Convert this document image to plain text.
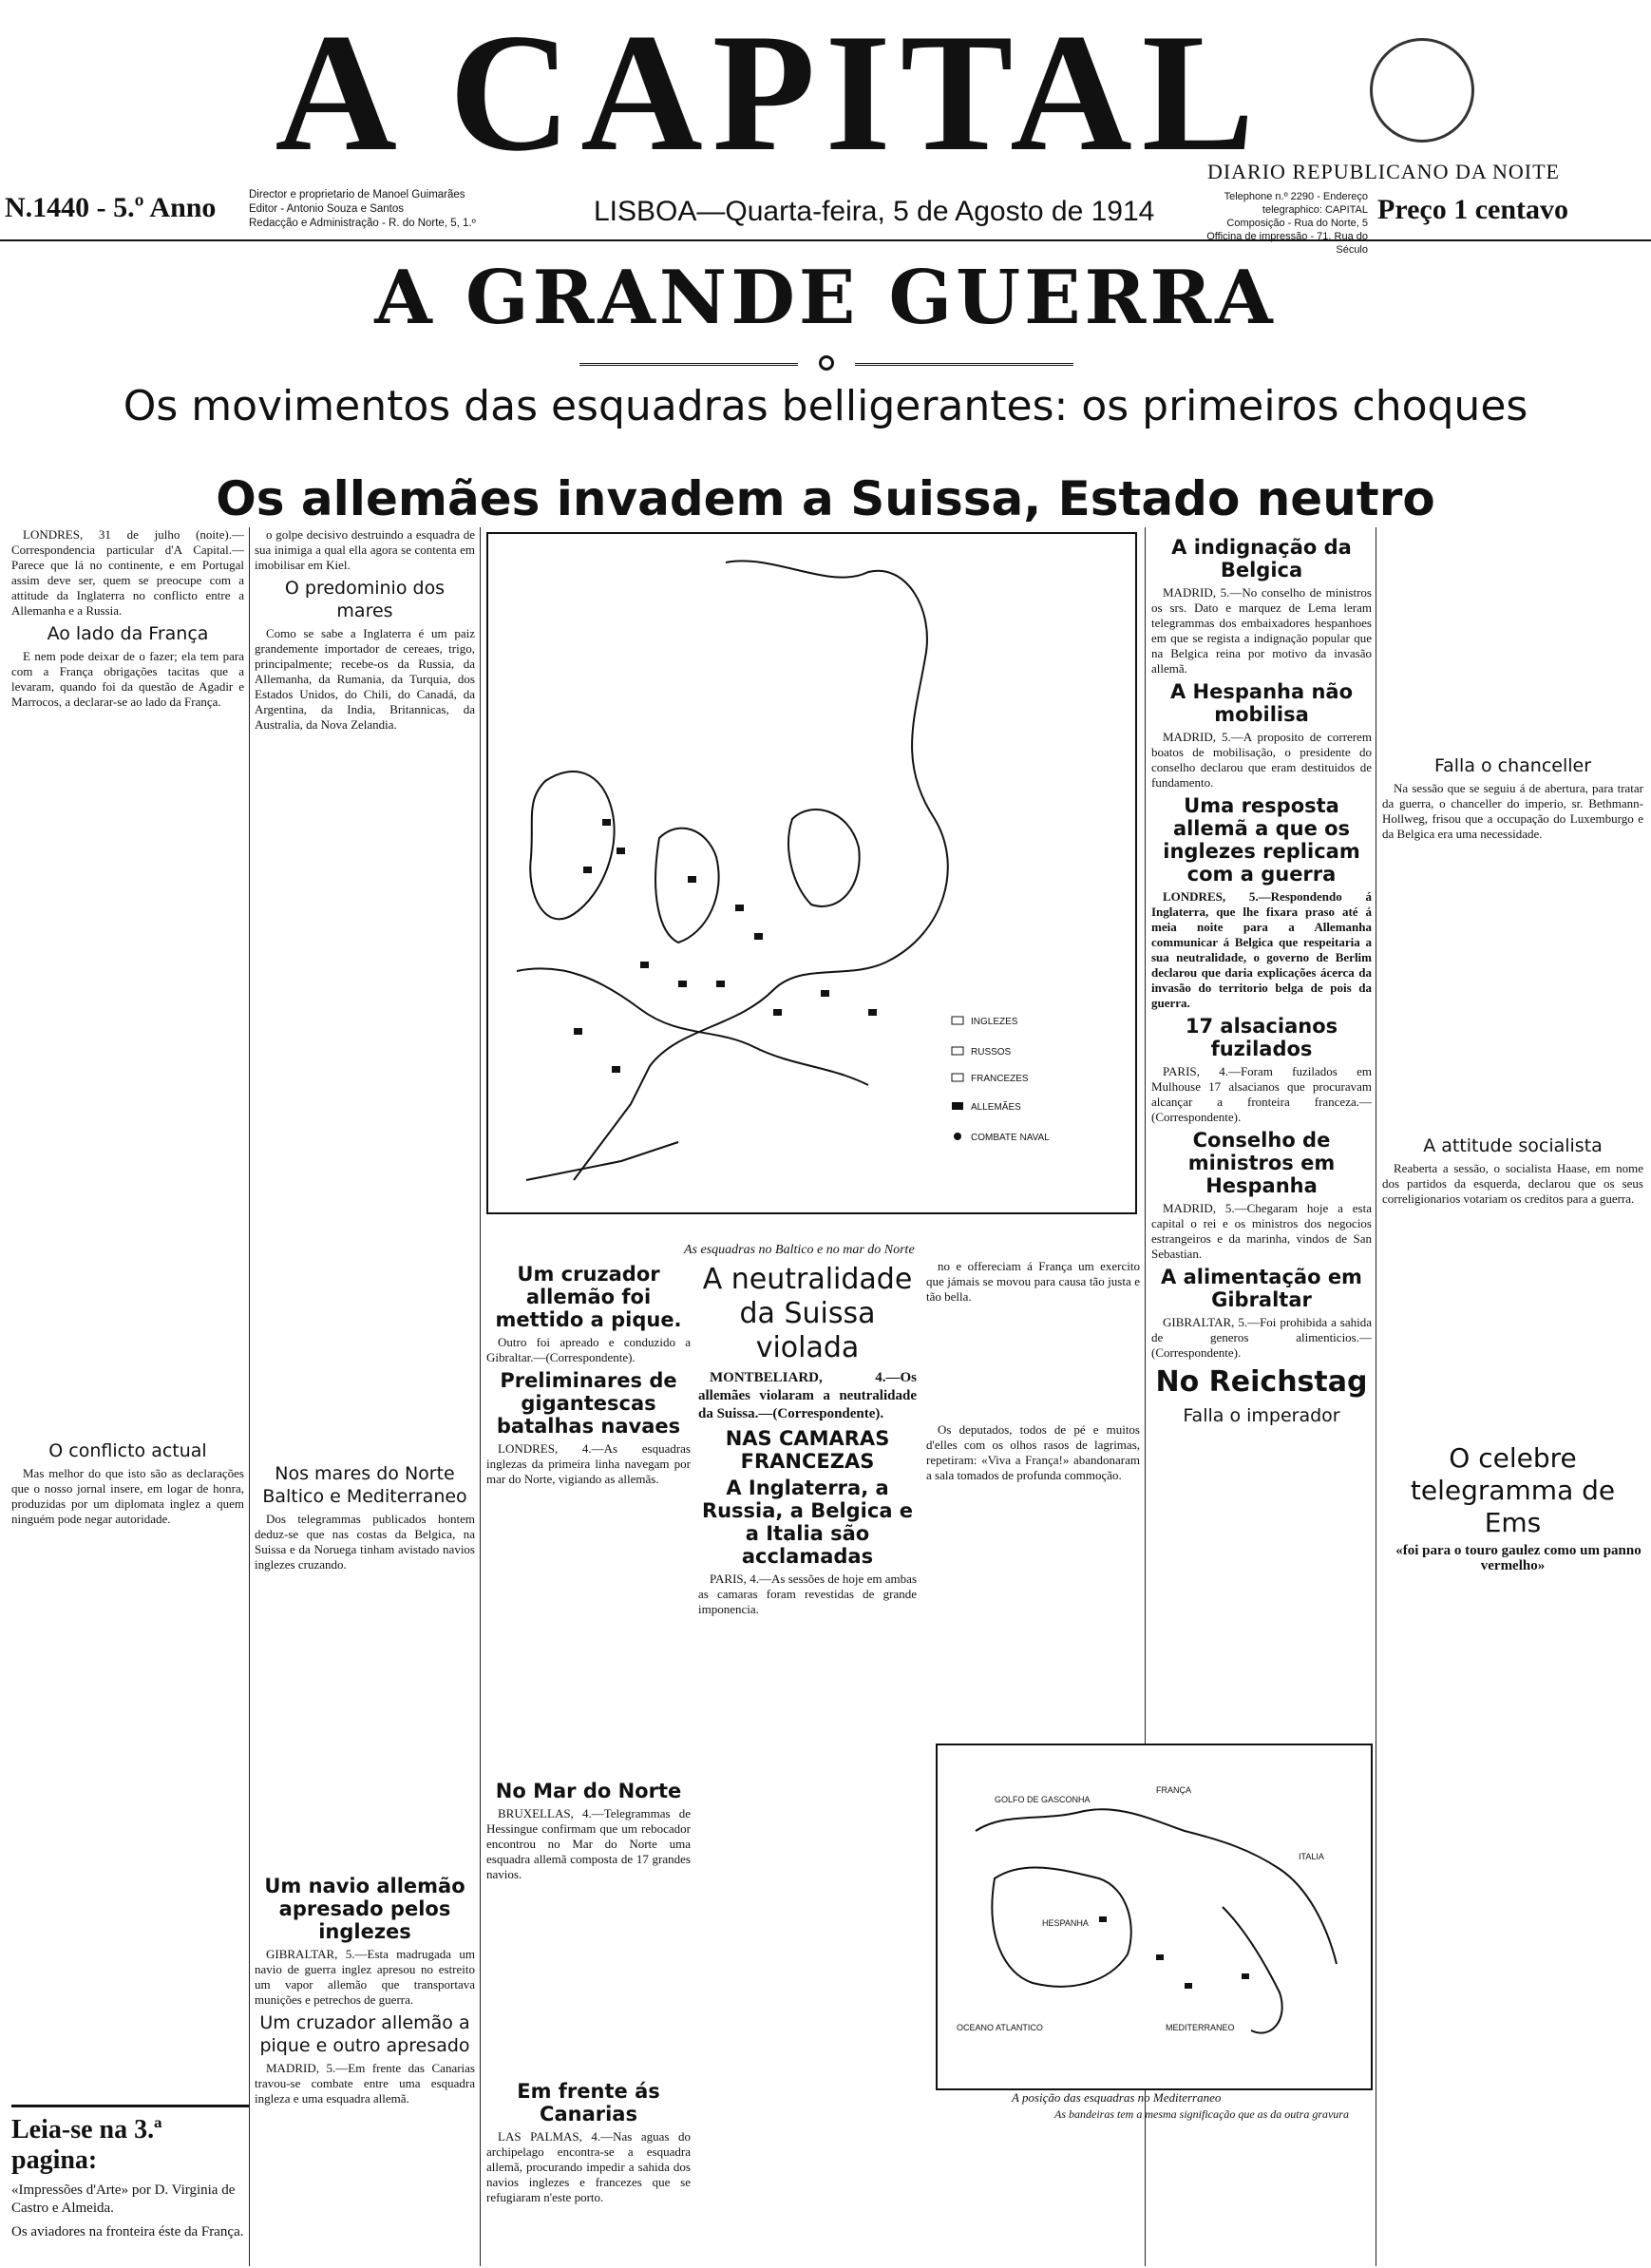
A CAPITAL
DIARIO REPUBLICANO DA NOITE
N.1440 - 5.º Anno	Director e proprietario de Manoel Guimarães
Editor - Antonio Souza e Santos
Redacção e Administração - R. do Norte, 5, 1.º	LISBOA—Quarta-feira, 5 de Agosto de 1914	Telephone n.º 2290 - Endereço telegraphico: CAPITAL
Composição - Rua do Norte, 5
Officina de impressão - 71, Rua do Século
Preço 1 centavo
A GRANDE GUERRA
Os movimentos das esquadras belligerantes: os primeiros choques
Os allemães invadem a Suissa, Estado neutro

LONDRES, 31 de julho (noite).—Correspondencia particular d'A Capital.—Parece que lá no continente, e em Portugal assim deve ser, quem se preocupe com a attitude da Inglaterra no conflicto entre a Allemanha e a Russia.

Ao lado da França

E nem pode deixar de o fazer; ela tem para com a França obrigações tacitas que a levaram, quando foi da questão de Agadir e Marrocos, a declarar-se ao lado da França.

O conflicto actual

Mas melhor do que isto são as declarações que o nosso jornal insere, em logar de honra, produzidas por um diplomata inglez a quem ninguém pode negar autoridade.

o golpe decisivo destruindo a esquadra de sua inimiga a qual ella agora se contenta em imobilisar em Kiel.

O predominio dos mares

Como se sabe a Inglaterra é um paiz grandemente importador de cereaes, trigo, principalmente; recebe-os da Russia, da Allemanha, da Rumania, da Turquia, dos Estados Unidos, do Chili, do Canadá, da Argentina, da India, Britannicas, da Australia, da Nova Zelandia.

Nos mares do Norte Baltico e Mediterraneo

Dos telegrammas publicados hontem deduz-se que nas costas da Belgica, na Suissa e da Noruega tinham avistado navios inglezes cruzando.

Um navio allemão apresado pelos inglezes

GIBRALTAR, 5.—Esta madrugada um navio de guerra inglez apresou no estreito um vapor allemão que transportava munições e petrechos de guerra.

Um cruzador allemão a pique e outro apresado

MADRID, 5.—Em frente das Canarias travou-se combate entre uma esquadra ingleza e uma esquadra allemã.

INGLEZES
RUSSOS
FRANCEZES
ALLEMÃES
COMBATE NAVAL
As esquadras no Baltico e no mar do Norte
Um cruzador allemão foi mettido a pique.

Outro foi apreado e conduzido a Gibraltar.—(Correspondente).

Preliminares de gigantescas batalhas navaes

LONDRES, 4.—As esquadras inglezas da primeira linha navegam por mar do Norte, vigiando as allemãs.

No Mar do Norte

BRUXELLAS, 4.—Telegrammas de Hessingue confirmam que um rebocador encontrou no Mar do Norte uma esquadra allemã composta de 17 grandes navios.

Em frente ás Canarias

LAS PALMAS, 4.—Nas aguas do archipelago encontra-se a esquadra allemã, procurando impedir a sahida dos navios inglezes e francezes que se refugiaram n'este porto.

A neutralidade da Suissa violada

MONTBELIARD, 4.—Os allemães violaram a neutralidade da Suissa.—(Correspondente).

NAS CAMARAS FRANCEZAS
A Inglaterra, a Russia, a Belgica e a Italia são acclamadas

PARIS, 4.—As sessões de hoje em ambas as camaras foram revestidas de grande imponencia.

no e offereciam á França um exercito que jámais se movou para causa tão justa e tão bella.

Os deputados, todos de pé e muitos d'elles com os olhos rasos de lagrimas, repetiram: «Viva a França!» abandonaram a sala tomados de profunda commoção.

GOLFO DE GASCONHA
FRANÇA
ITALIA
HESPANHA
OCEANO ATLANTICO	MEDITERRANEO
A posição das esquadras no Mediterraneo
As bandeiras tem a mesma significação que as da outra gravura
A indignação da Belgica

MADRID, 5.—No conselho de ministros os srs. Dato e marquez de Lema leram telegrammas dos embaixadores hespanhoes em que se regista a indignação popular que na Belgica reina por motivo da invasão allemã.

A Hespanha não mobilisa

MADRID, 5.—A proposito de correrem boatos de mobilisação, o presidente do conselho declarou que eram destituidos de fundamento.

Uma resposta allemã a que os inglezes replicam com a guerra

LONDRES, 5.—Respondendo á Inglaterra, que lhe fixara praso até á meia noite para a Allemanha communicar á Belgica que respeitaria a sua neutralidade, o governo de Berlim declarou que daria explicações ácerca da invasão do territorio belga de pois da guerra.

17 alsacianos fuzilados

PARIS, 4.—Foram fuzilados em Mulhouse 17 alsacianos que procuravam alcançar a fronteira franceza.—(Correspondente).

Conselho de ministros em Hespanha

MADRID, 5.—Chegaram hoje a esta capital o rei e os ministros dos negocios estrangeiros e da marinha, vindos de San Sebastian.

A alimentação em Gibraltar

GIBRALTAR, 5.—Foi prohibida a sahida de generos alimenticios.—(Correspondente).

No Reichstag
Falla o imperador
Falla o chanceller

Na sessão que se seguiu á de abertura, para tratar da guerra, o chanceller do imperio, sr. Bethmann-Hollweg, frisou que a occupação do Luxemburgo e da Belgica era uma necessidade.

A attitude socialista

Reaberta a sessão, o socialista Haase, em nome dos partidos da esquerda, declarou que os seus correligionarios votariam os creditos para a guerra.

O celebre telegramma de Ems

«foi para o touro gaulez como um panno vermelho»

Leia-se na 3.ª pagina:

«Impressões d'Arte» por D. Virginia de Castro e Almeida.

Os aviadores na fronteira éste da França.
